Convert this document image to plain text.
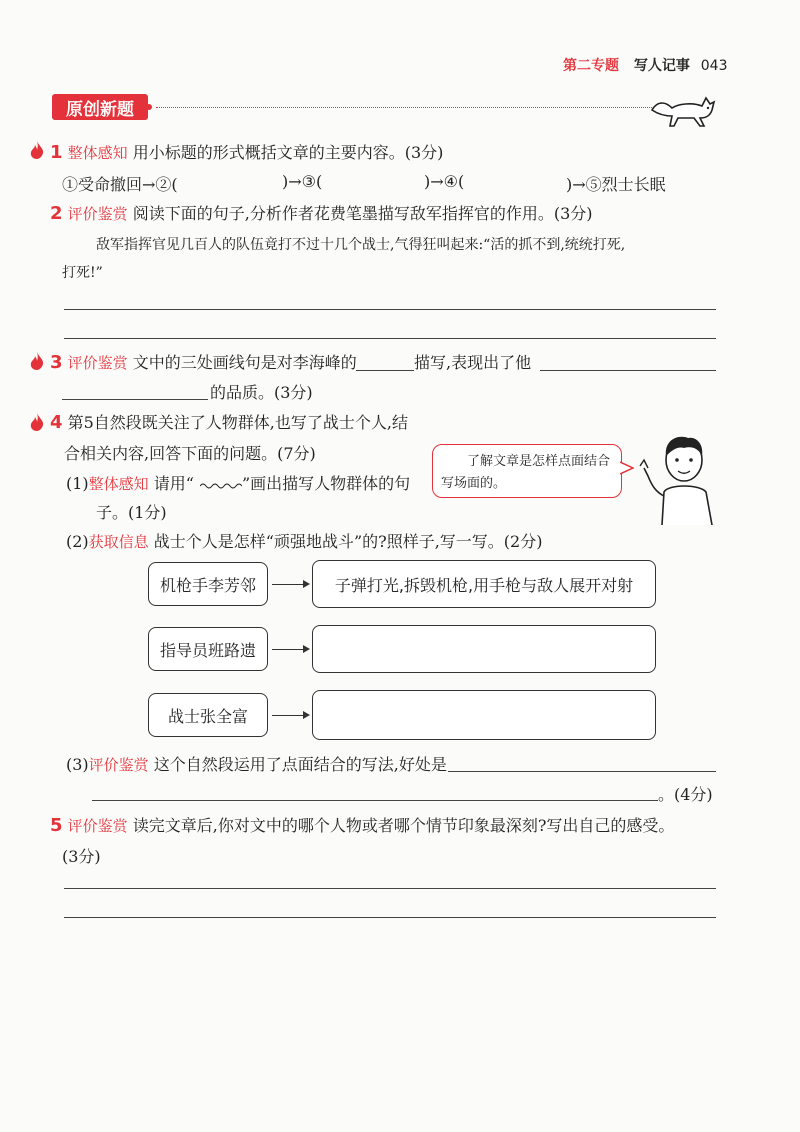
第二专题 写人记事 043
原创新题
1 整体感知 用小标题的形式概括文章的主要内容。(3分)
①受命撤回→②(	)→③(	)→④(	)→⑤烈士长眠
2 评价鉴赏 阅读下面的句子,分析作者花费笔墨描写敌军指挥官的作用。(3分)
敌军指挥官见几百人的队伍竟打不过十几个战士,气得狂叫起来:“活的抓不到,统统打死,
打死!”
3 评价鉴赏 文中的三处画线句是对李海峰的	描写,表现出了他
的品质。(3分)
4 第5自然段既关注了人物群体,也写了战士个人,结
合相关内容,回答下面的问题。(7分)	了解文章是怎样点面结合写场面的。
(1)整体感知 请用“	”画出描写人物群体的句
子。(1分)
(2)获取信息 战士个人是怎样“顽强地战斗”的?照样子,写一写。(2分)
机枪手李芳邻	子弹打光,拆毁机枪,用手枪与敌人展开对射
指导员班路遗
战士张全富
(3)评价鉴赏 这个自然段运用了点面结合的写法,好处是
。(4分)
5 评价鉴赏 读完文章后,你对文中的哪个人物或者哪个情节印象最深刻?写出自己的感受。
(3分)
